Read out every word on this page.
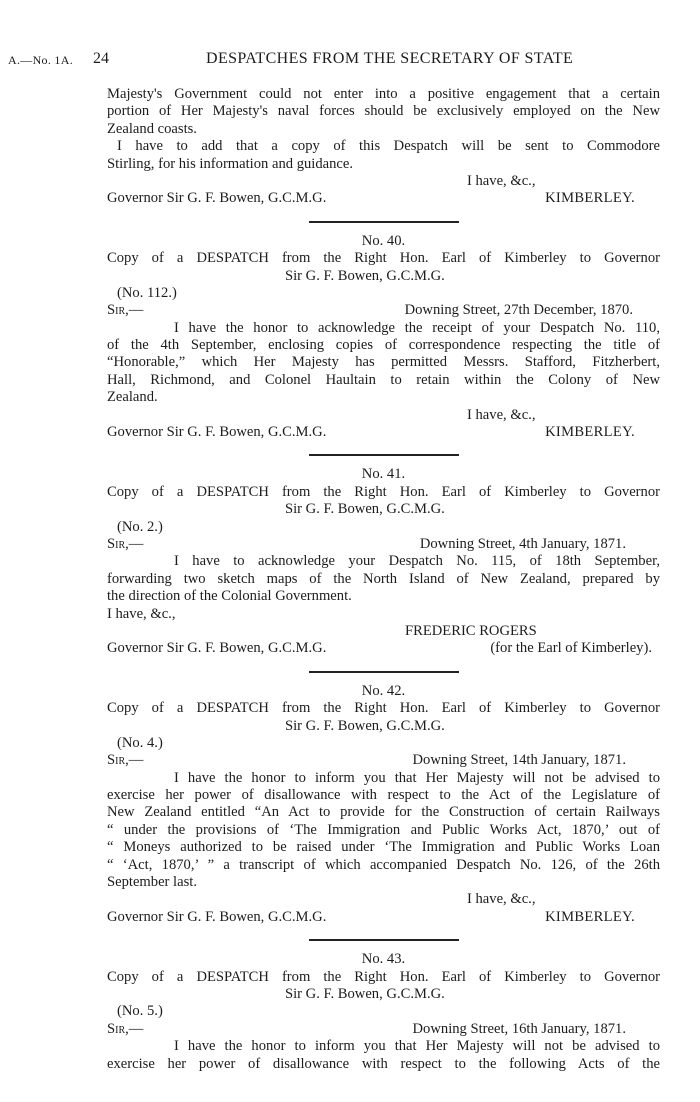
A.—No. 1A. 24	DESPATCHES FROM THE SECRETARY OF STATE
Majesty's Government could not enter into a positive engagement that a certain
portion of Her Majesty's naval forces should be exclusively employed on the New
Zealand coasts.
I have to add that a copy of this Despatch will be sent to Commodore
Stirling, for his information and guidance.
I have, &c.,
Governor Sir G. F. Bowen, G.C.M.G.	KIMBERLEY.
No. 40.
Copy of a DESPATCH from the Right Hon. Earl of Kimberley to Governor
Sir G. F. Bowen, G.C.M.G.
(No. 112.)
Sir,—	Downing Street, 27th December, 1870.
I have the honor to acknowledge the receipt of your Despatch No. 110,
of the 4th September, enclosing copies of correspondence respecting the title of
“Honorable,” which Her Majesty has permitted Messrs. Stafford, Fitzherbert,
Hall, Richmond, and Colonel Haultain to retain within the Colony of New
Zealand.
I have, &c.,
Governor Sir G. F. Bowen, G.C.M.G.	KIMBERLEY.
No. 41.
Copy of a DESPATCH from the Right Hon. Earl of Kimberley to Governor
Sir G. F. Bowen, G.C.M.G.
(No. 2.)
Sir,—	Downing Street, 4th January, 1871.
I have to acknowledge your Despatch No. 115, of 18th September,
forwarding two sketch maps of the North Island of New Zealand, prepared by
the direction of the Colonial Government.
I have, &c.,
FREDERIC ROGERS
Governor Sir G. F. Bowen, G.C.M.G.	(for the Earl of Kimberley).
No. 42.
Copy of a DESPATCH from the Right Hon. Earl of Kimberley to Governor
Sir G. F. Bowen, G.C.M.G.
(No. 4.)
Sir,—	Downing Street, 14th January, 1871.
I have the honor to inform you that Her Majesty will not be advised to
exercise her power of disallowance with respect to the Act of the Legislature of
New Zealand entitled “An Act to provide for the Construction of certain Railways
“ under the provisions of ‘The Immigration and Public Works Act, 1870,’ out of
“ Moneys authorized to be raised under ‘The Immigration and Public Works Loan
“ ‘Act, 1870,’ ” a transcript of which accompanied Despatch No. 126, of the 26th
September last.
I have, &c.,
Governor Sir G. F. Bowen, G.C.M.G.	KIMBERLEY.
No. 43.
Copy of a DESPATCH from the Right Hon. Earl of Kimberley to Governor
Sir G. F. Bowen, G.C.M.G.
(No. 5.)
Sir,—	Downing Street, 16th January, 1871.
I have the honor to inform you that Her Majesty will not be advised to
exercise her power of disallowance with respect to the following Acts of the
